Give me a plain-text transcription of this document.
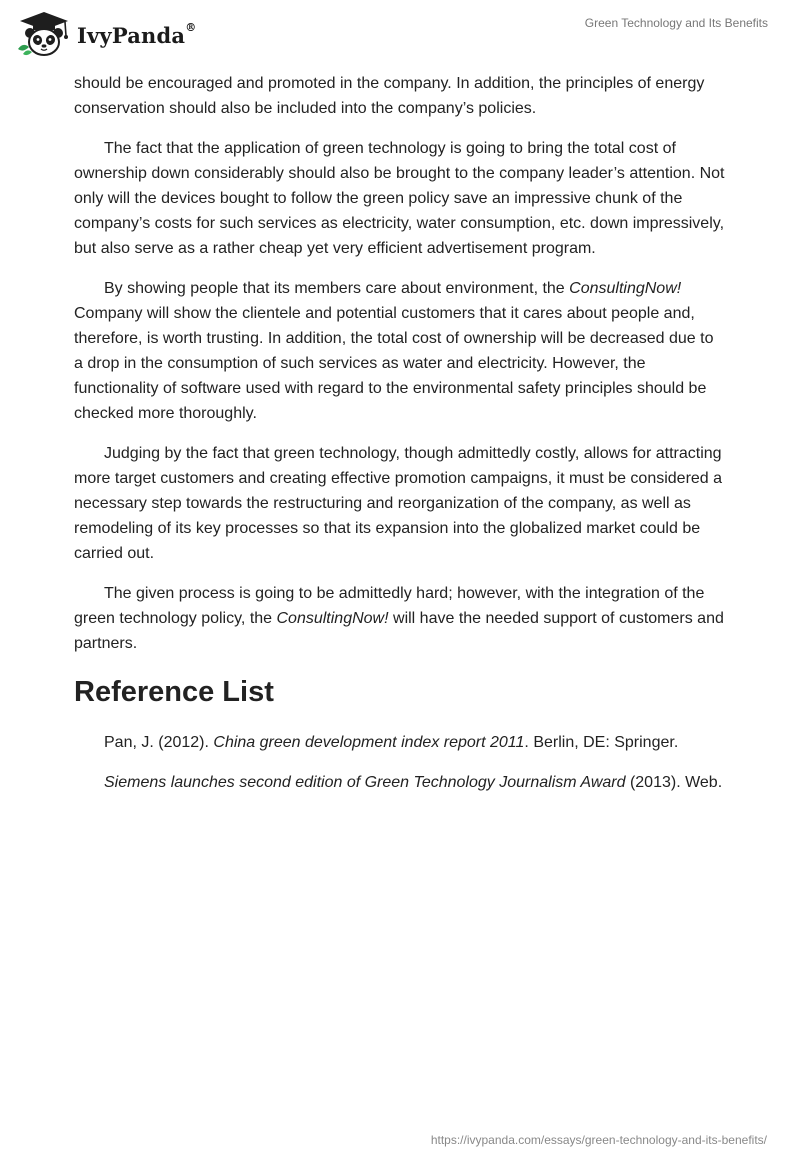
IvyPanda®	Green Technology and Its Benefits

should be encouraged and promoted in the company. In addition, the principles of energy conservation should also be included into the company’s policies.

The fact that the application of green technology is going to bring the total cost of ownership down considerably should also be brought to the company leader’s attention. Not only will the devices bought to follow the green policy save an impressive chunk of the company’s costs for such services as electricity, water consumption, etc. down impressively, but also serve as a rather cheap yet very efficient advertisement program.

By showing people that its members care about environment, the ConsultingNow! Company will show the clientele and potential customers that it cares about people and, therefore, is worth trusting. In addition, the total cost of ownership will be decreased due to a drop in the consumption of such services as water and electricity. However, the functionality of software used with regard to the environmental safety principles should be checked more thoroughly.

Judging by the fact that green technology, though admittedly costly, allows for attracting more target customers and creating effective promotion campaigns, it must be considered a necessary step towards the restructuring and reorganization of the company, as well as remodeling of its key processes so that its expansion into the globalized market could be carried out.

The given process is going to be admittedly hard; however, with the integration of the green technology policy, the ConsultingNow! will have the needed support of customers and partners.

Reference List

Pan, J. (2012). China green development index report 2011. Berlin, DE: Springer.

Siemens launches second edition of Green Technology Journalism Award (2013). Web.

https://ivypanda.com/essays/green-technology-and-its-benefits/
